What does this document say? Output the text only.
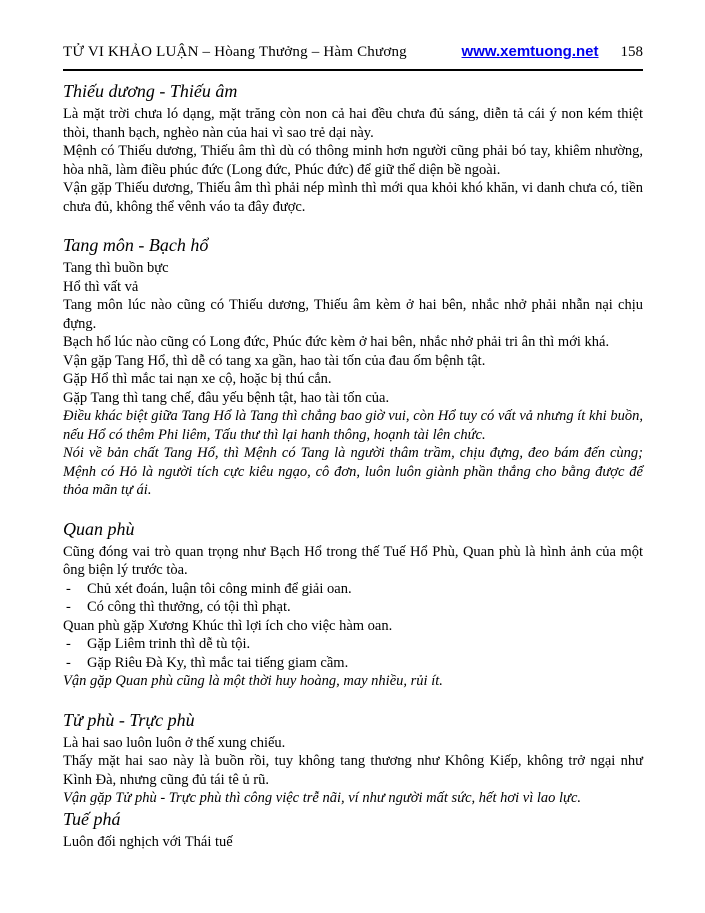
TỬ VI KHẢO LUẬN – Hòang Thưởng – Hàm Chương	www.xemtuong.net 158
Thiếu dương - Thiếu âm

Là mặt trời chưa ló dạng, mặt trăng còn non cả hai đều chưa đủ sáng, diễn tả cái ý non kém thiệt thòi, thanh bạch, nghèo nàn của hai vì sao trẻ dại này.

Mệnh có Thiếu dương, Thiếu âm thì dù có thông minh hơn người cũng phải bó tay, khiêm nhường, hòa nhã, làm điều phúc đức (Long đức, Phúc đức) để giữ thể diện bề ngoài.

Vận gặp Thiếu dương, Thiếu âm thì phải nép mình thì mới qua khỏi khó khăn, vi danh chưa có, tiền chưa đủ, không thể vênh váo ta đây được.

Tang môn - Bạch hổ

Tang thì buồn bực

Hổ thì vất vả

Tang môn lúc nào cũng có Thiếu dương, Thiếu âm kèm ở hai bên, nhắc nhở phải nhẫn nại chịu đựng.

Bạch hổ lúc nào cũng có Long đức, Phúc đức kèm ở hai bên, nhắc nhở phải tri ân thì mới khá.

Vận gặp Tang Hổ, thì dễ có tang xa gần, hao tài tốn của đau ốm bệnh tật.

Gặp Hổ thì mắc tai nạn xe cộ, hoặc bị thú cắn.

Gặp Tang thì tang chế, đâu yếu bệnh tật, hao tài tốn của.

Điều khác biệt giữa Tang Hổ là Tang thì chẳng bao giờ vui, còn Hổ tuy có vất vả nhưng ít khi buồn, nếu Hổ có thêm Phi liêm, Tấu thư thì lại hanh thông, hoạnh tài lên chức.

Nói về bản chất Tang Hổ, thì Mệnh có Tang là người thâm trầm, chịu đựng, đeo bám đến cùng; Mệnh có Hỏ là người tích cực kiêu ngạo, cô đơn, luôn luôn giành phần thắng cho bằng được để thỏa mãn tự ái.

Quan phù

Cũng đóng vai trò quan trọng như Bạch Hổ trong thế Tuế Hổ Phù, Quan phù là hình ảnh của một ông biện lý trước tòa.

-	Chủ xét đoán, luận tôi công minh để giải oan.

-	Có công thì thưởng, có tội thì phạt.

Quan phù gặp Xương Khúc thì lợi ích cho việc hàm oan.

-	Gặp Liêm trinh thì dễ tù tội.

-	Gặp Riêu Đà Ky, thì mắc tai tiếng giam cầm.

Vận gặp Quan phù cũng là một thời huy hoàng, may nhiều, rủi ít.

Tử phù - Trực phù

Là hai sao luôn luôn ở thế xung chiếu.

Thấy mặt hai sao này là buồn rồi, tuy không tang thương như Không Kiếp, không trở ngại như Kình Đà, nhưng cũng đủ tái tê ủ rũ.

Vận gặp Tử phù - Trực phù thì công việc trễ nãi, ví như người mất sức, hết hơi vì lao lực.

Tuế phá

Luôn đối nghịch với Thái tuế
